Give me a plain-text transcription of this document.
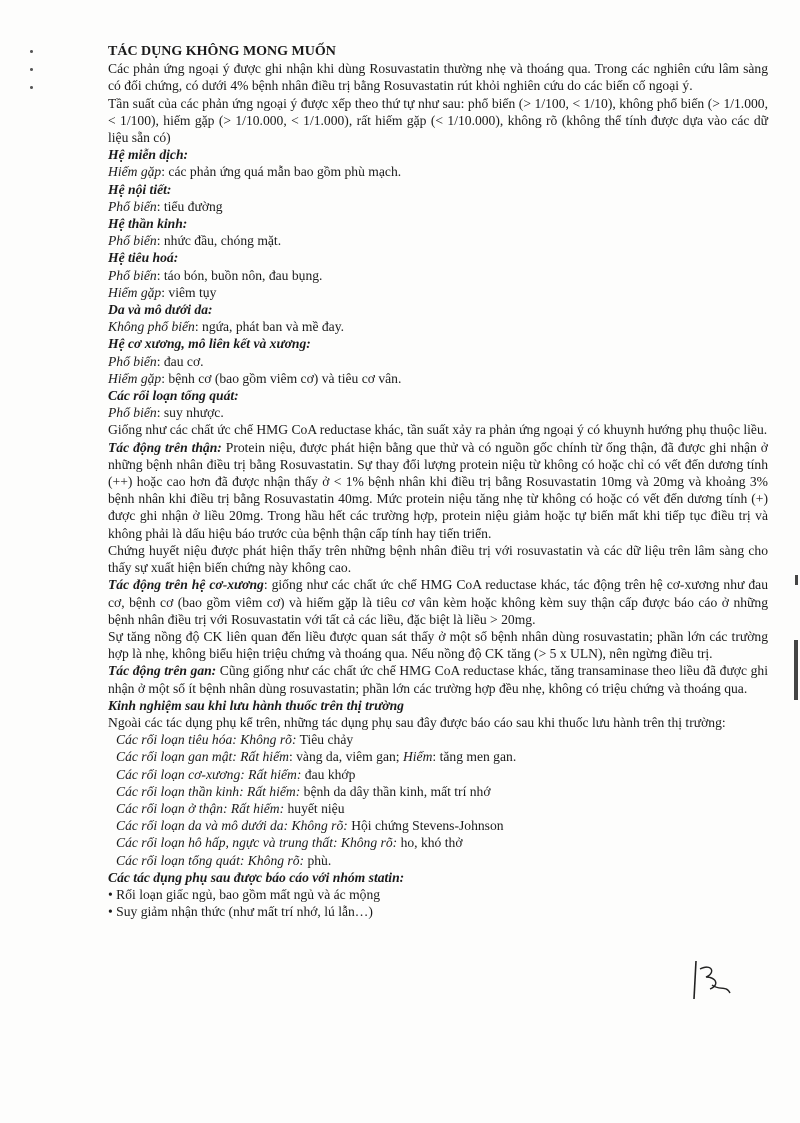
TÁC DỤNG KHÔNG MONG MUỐN

Các phản ứng ngoại ý được ghi nhận khi dùng Rosuvastatin thường nhẹ và thoáng qua. Trong các nghiên cứu lâm sàng có đối chứng, có dưới 4% bệnh nhân điều trị bằng Rosuvastatin rút khỏi nghiên cứu do các biến cố ngoại ý.

Tần suất của các phản ứng ngoại ý được xếp theo thứ tự như sau: phổ biến (> 1/100, < 1/10), không phổ biến (> 1/1.000, < 1/100), hiếm gặp (> 1/10.000, < 1/1.000), rất hiếm gặp (< 1/10.000), không rõ (không thể tính được dựa vào các dữ liệu sẵn có)

Hệ miễn dịch:

Hiếm gặp: các phản ứng quá mẫn bao gồm phù mạch.

Hệ nội tiết:

Phổ biến: tiểu đường

Hệ thần kinh:

Phổ biến: nhức đầu, chóng mặt.

Hệ tiêu hoá:

Phổ biến: táo bón, buồn nôn, đau bụng.

Hiếm gặp: viêm tụy

Da và mô dưới da:

Không phổ biến: ngứa, phát ban và mề đay.

Hệ cơ xương, mô liên kết và xương:

Phổ biến: đau cơ.

Hiếm gặp: bệnh cơ (bao gồm viêm cơ) và tiêu cơ vân.

Các rối loạn tổng quát:

Phổ biến: suy nhược.

Giống như các chất ức chế HMG CoA reductase khác, tần suất xảy ra phản ứng ngoại ý có khuynh hướng phụ thuộc liều.

Tác động trên thận: Protein niệu, được phát hiện bằng que thử và có nguồn gốc chính từ ống thận, đã được ghi nhận ở những bệnh nhân điều trị bằng Rosuvastatin. Sự thay đổi lượng protein niệu từ không có hoặc chỉ có vết đến dương tính (++) hoặc cao hơn đã được nhận thấy ở < 1% bệnh nhân khi điều trị bằng Rosuvastatin 10mg và 20mg và khoảng 3% bệnh nhân khi điều trị bằng Rosuvastatin 40mg. Mức protein niệu tăng nhẹ từ không có hoặc có vết đến dương tính (+) được ghi nhận ở liều 20mg. Trong hầu hết các trường hợp, protein niệu giảm hoặc tự biến mất khi tiếp tục điều trị và không phải là dấu hiệu báo trước của bệnh thận cấp tính hay tiến triển.

Chứng huyết niệu được phát hiện thấy trên những bệnh nhân điều trị với rosuvastatin và các dữ liệu trên lâm sàng cho thấy sự xuất hiện biến chứng này không cao.

Tác động trên hệ cơ-xương: giống như các chất ức chế HMG CoA reductase khác, tác động trên hệ cơ-xương như đau cơ, bệnh cơ (bao gồm viêm cơ) và hiếm gặp là tiêu cơ vân kèm hoặc không kèm suy thận cấp được báo cáo ở những bệnh nhân điều trị với Rosuvastatin với tất cả các liều, đặc biệt là liều > 20mg.

Sự tăng nồng độ CK liên quan đến liều được quan sát thấy ở một số bệnh nhân dùng rosuvastatin; phần lớn các trường hợp là nhẹ, không biểu hiện triệu chứng và thoáng qua. Nếu nồng độ CK tăng (> 5 x ULN), nên ngừng điều trị.

Tác động trên gan: Cũng giống như các chất ức chế HMG CoA reductase khác, tăng transaminase theo liều đã được ghi nhận ở một số ít bệnh nhân dùng rosuvastatin; phần lớn các trường hợp đều nhẹ, không có triệu chứng và thoáng qua.

Kinh nghiệm sau khi lưu hành thuốc trên thị trường

Ngoài các tác dụng phụ kể trên, những tác dụng phụ sau đây được báo cáo sau khi thuốc lưu hành trên thị trường:

Các rối loạn tiêu hóa: Không rõ: Tiêu chảy

Các rối loạn gan mật: Rất hiếm: vàng da, viêm gan; Hiếm: tăng men gan.

Các rối loạn cơ-xương: Rất hiếm: đau khớp

Các rối loạn thần kinh: Rất hiếm: bệnh da dây thần kinh, mất trí nhớ

Các rối loạn ở thận: Rất hiếm: huyết niệu

Các rối loạn da và mô dưới da: Không rõ: Hội chứng Stevens-Johnson

Các rối loạn hô hấp, ngực và trung thất: Không rõ: ho, khó thở

Các rối loạn tổng quát: Không rõ: phù.

Các tác dụng phụ sau được báo cáo với nhóm statin:

• Rối loạn giấc ngủ, bao gồm mất ngủ và ác mộng

• Suy giảm nhận thức (như mất trí nhớ, lú lẫn…)
